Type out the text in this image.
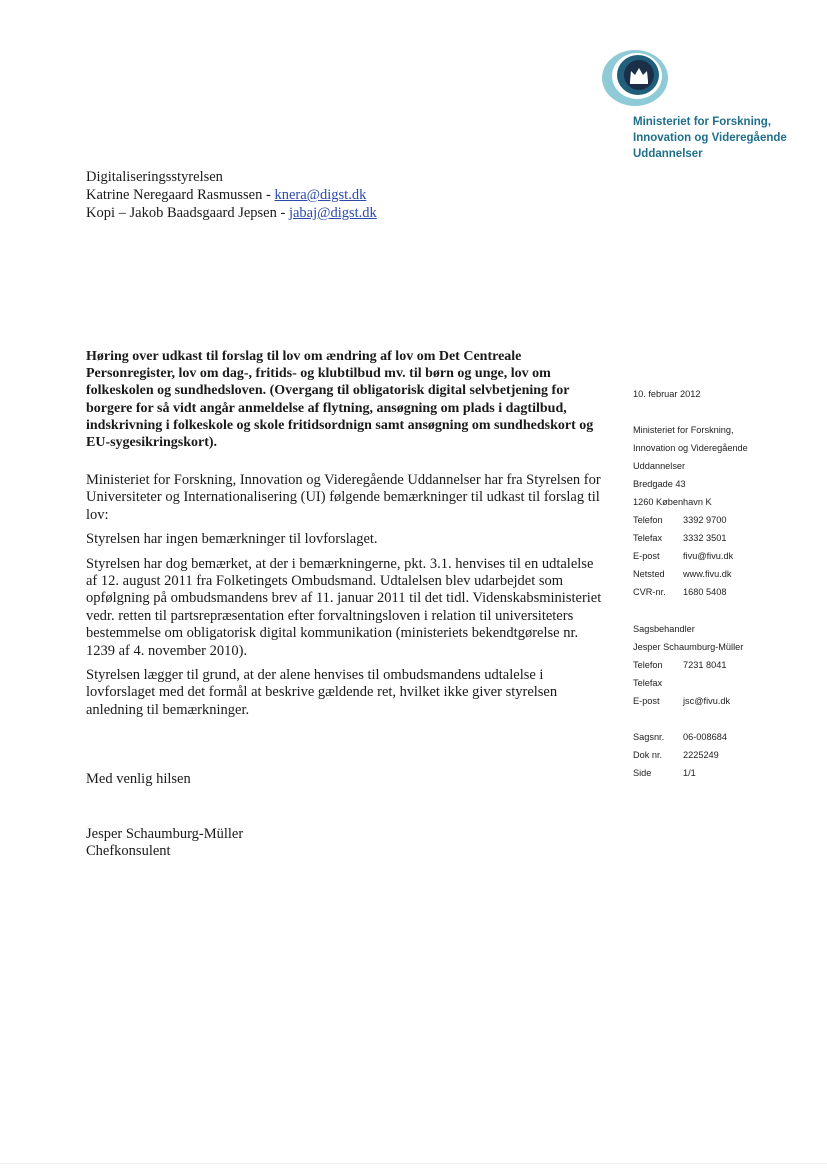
Ministeriet for Forskning,
Innovation og Videregående
Uddannelser
Digitaliseringsstyrelsen
Katrine Neregaard Rasmussen - knera@digst.dk
Kopi – Jakob Baadsgaard Jepsen - jabaj@digst.dk
Høring over udkast til forslag til lov om ændring af lov om Det Centreale Personregister, lov om dag-, fritids- og klubtilbud mv. til børn og unge, lov om folkeskolen og sundhedsloven. (Overgang til obligatorisk digital selvbetjening for borgere for så vidt angår anmeldelse af flytning, ansøgning om plads i dagtilbud, indskrivning i folkeskole og skole fritidsordnign samt ansøgning om sundhedskort og EU-sygesikringskort).

Ministeriet for Forskning, Innovation og Videregående Uddannelser har fra Styrelsen for Universiteter og Internationalisering (UI) følgende bemærkninger til udkast til forslag til lov:

Styrelsen har ingen bemærkninger til lovforslaget.

Styrelsen har dog bemærket, at der i bemærkningerne, pkt. 3.1. henvises til en udtalelse af 12. august 2011 fra Folketingets Ombudsmand. Udtalelsen blev udarbejdet som opfølgning på ombudsmandens brev af 11. januar 2011 til det tidl. Videnskabsministeriet vedr. retten til partsrepræsentation efter forvaltningsloven i relation til universiteters bestemmelse om obligatorisk digital kommunikation (ministeriets bekendtgørelse nr. 1239 af 4. november 2010).

Styrelsen lægger til grund, at der alene henvises til ombudsmandens udtalelse i lovforslaget med det formål at beskrive gældende ret, hvilket ikke giver styrelsen anledning til bemærkninger.

Med venlig hilsen
Jesper Schaumburg-Müller
Chefkonsulent
10. februar 2012
Ministeriet for Forskning,
Innovation og Videregående
Uddannelser
Bredgade 43
1260 København K
Telefon	3392 9700
Telefax	3332 3501
E-post	fivu@fivu.dk
Netsted	www.fivu.dk
CVR-nr.	1680 5408
Sagsbehandler
Jesper Schaumburg-Müller
Telefon	7231 8041
Telefax
E-post	jsc@fivu.dk
Sagsnr.	06-008684
Dok nr.	2225249
Side	1/1
